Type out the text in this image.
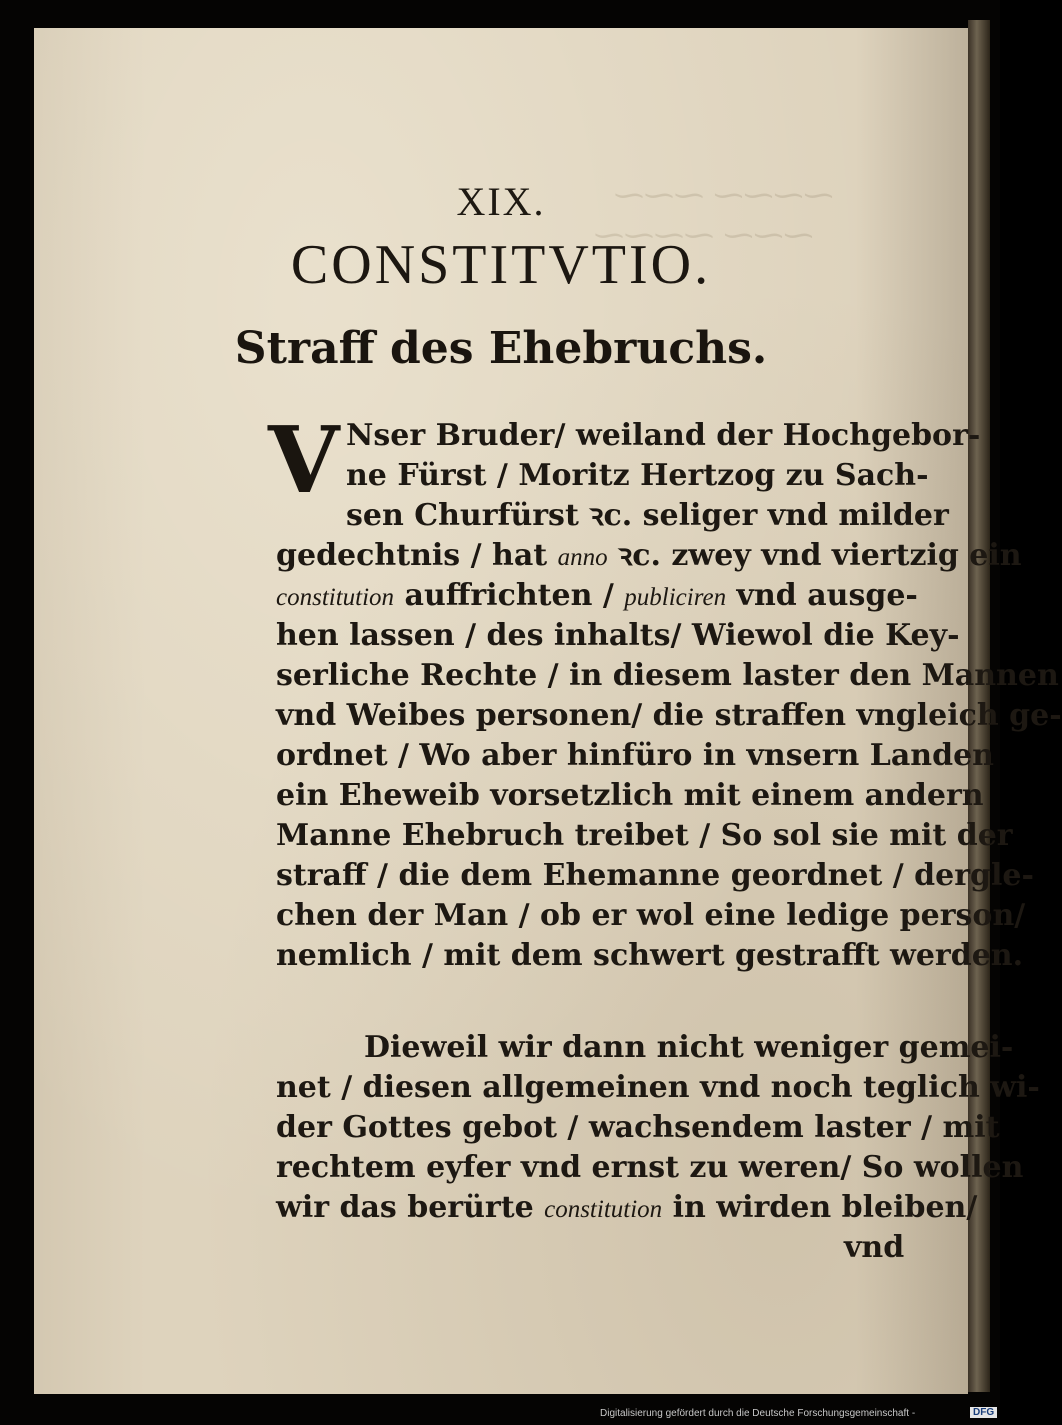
⁓⁓⁓⁓ ⁓⁓⁓
⁓⁓⁓ ⁓⁓⁓⁓
XIX.
CONSTITVTIO.
Straff des Ehebruchs.
V Nser Bruder/ weiland der Hochgebor-
ne Fürst / Moritz Hertzog zu Sach-
sen Churfürst ꝛc. seliger vnd milder
gedechtnis / hat anno ꝛc. zwey vnd viertzig ein
constitution auffrichten / publiciren vnd ausge-
hen lassen / des inhalts/ Wiewol die Key-
serliche Rechte / in diesem laster den Mannen
vnd Weibes personen/ die straffen vngleich ge-
ordnet / Wo aber hinfüro in vnsern Landen
ein Eheweib vorsetzlich mit einem andern
Manne Ehebruch treibet / So sol sie mit der
straff / die dem Ehemanne geordnet / dergle-
chen der Man / ob er wol eine ledige person/
nemlich / mit dem schwert gestrafft werden.
Dieweil wir dann nicht weniger gemei-
net / diesen allgemeinen vnd noch teglich wi-
der Gottes gebot / wachsendem laster / mit
rechtem eyfer vnd ernst zu weren/ So wollen
wir das berürte constitution in wirden bleiben/
vnd
Digitalisierung gefördert durch die Deutsche Forschungsgemeinschaft -	DFG
